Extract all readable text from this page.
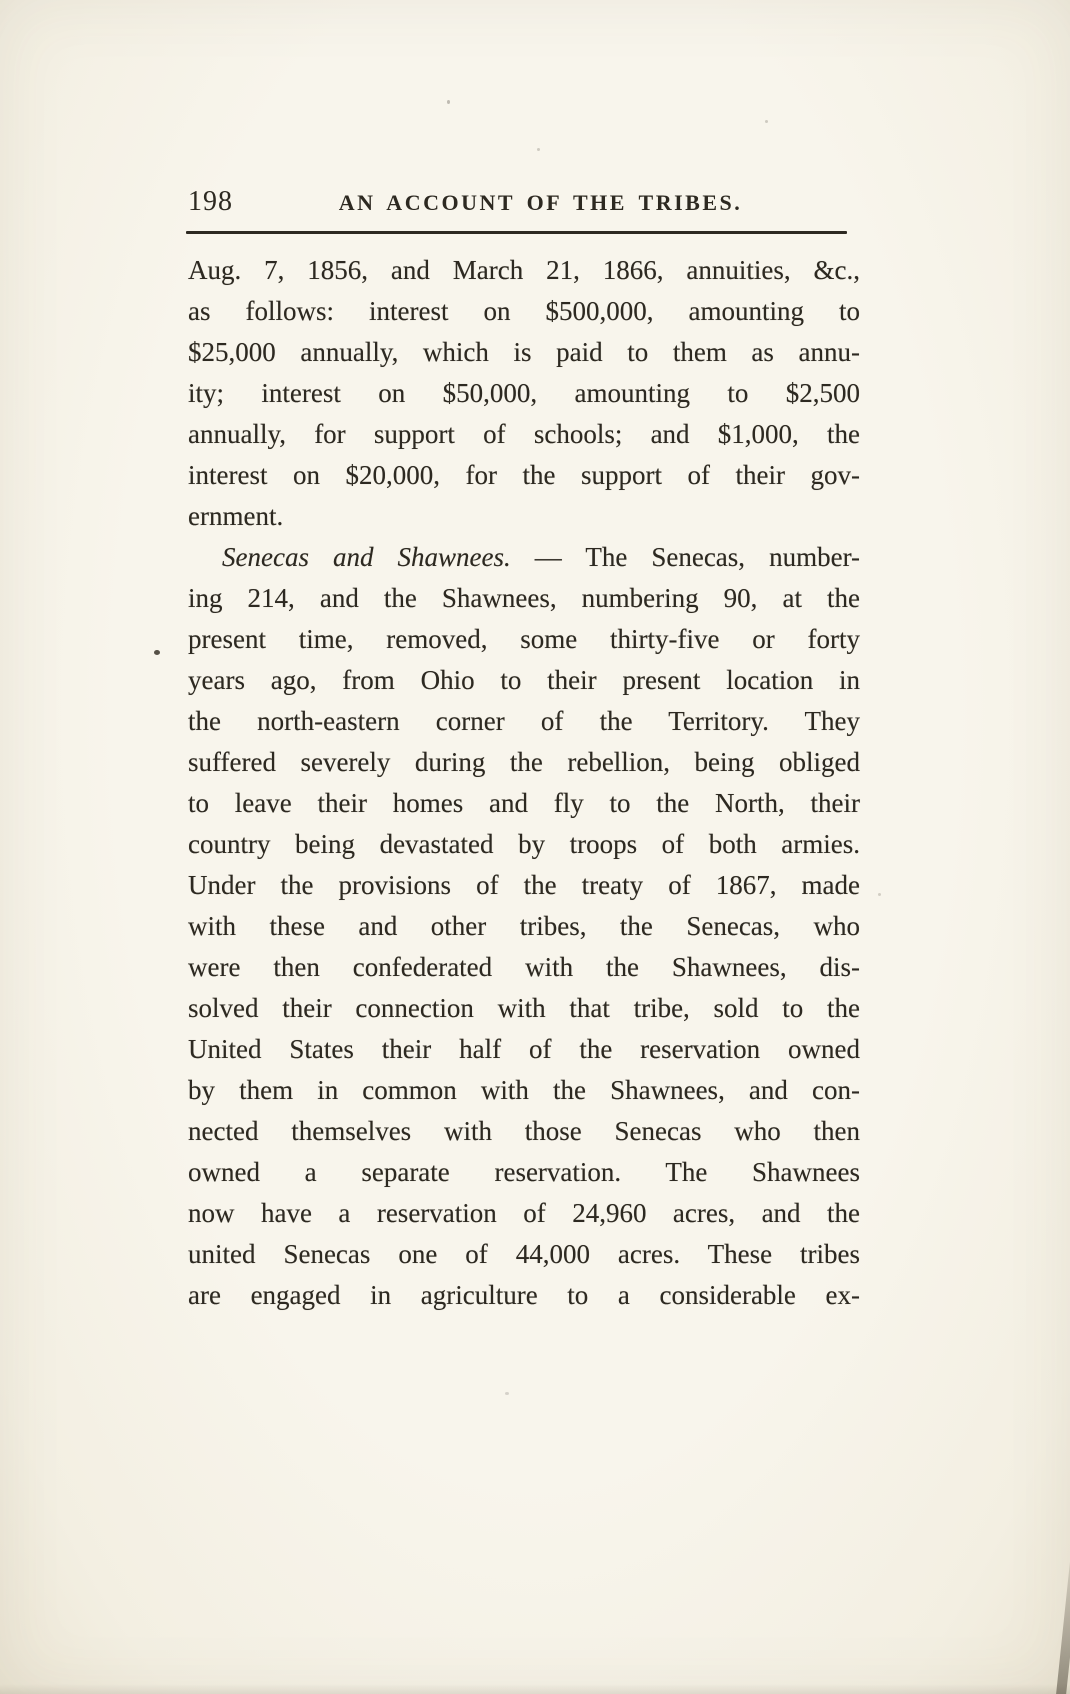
198	AN ACCOUNT OF THE TRIBES.
Aug. 7, 1856, and March 21, 1866, annuities, &c.,
as follows: interest on $500,000, amounting to
$25,000 annually, which is paid to them as annu-
ity; interest on $50,000, amounting to $2,500
annually, for support of schools; and $1,000, the
interest on $20,000, for the support of their gov-
ernment.
Senecas and Shawnees. — The Senecas, number-
ing 214, and the Shawnees, numbering 90, at the
present time, removed, some thirty-five or forty
years ago, from Ohio to their present location in
the north-eastern corner of the Territory. They
suffered severely during the rebellion, being obliged
to leave their homes and fly to the North, their
country being devastated by troops of both armies.
Under the provisions of the treaty of 1867, made
with these and other tribes, the Senecas, who
were then confederated with the Shawnees, dis-
solved their connection with that tribe, sold to the
United States their half of the reservation owned
by them in common with the Shawnees, and con-
nected themselves with those Senecas who then
owned a separate reservation. The Shawnees
now have a reservation of 24,960 acres, and the
united Senecas one of 44,000 acres. These tribes
are engaged in agriculture to a considerable ex-
